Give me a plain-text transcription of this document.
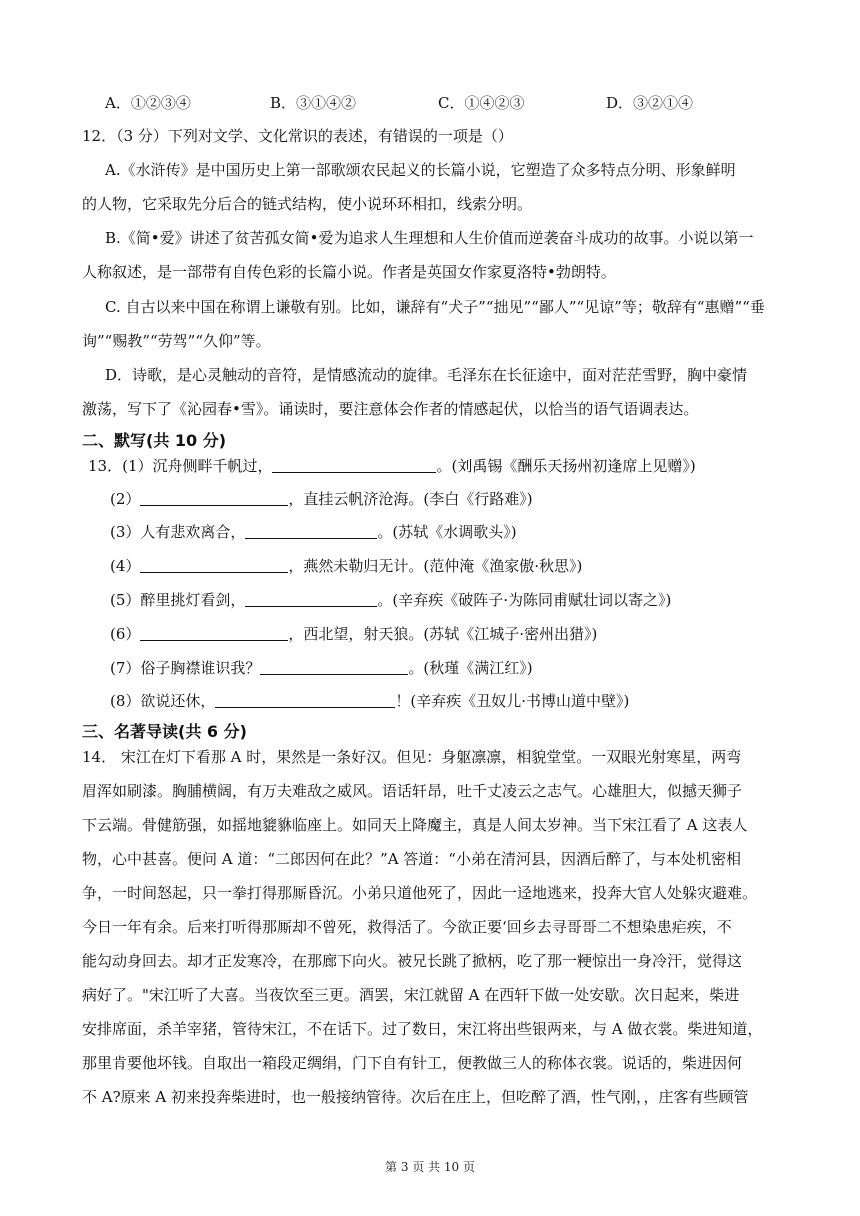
A．①②③④	B．③①④②	C．①④②③	D．③②①④
12．（3 分）下列对文学、文化常识的表述，有错误的一项是（）
A.《水浒传》是中国历史上第一部歌颂农民起义的长篇小说，它塑造了众多特点分明、形象鲜明
的人物，它采取先分后合的链式结构，使小说环环相扣，线索分明。
B.《简•爱》讲述了贫苦孤女简•爱为追求人生理想和人生价值而逆袭奋斗成功的故事。小说以第一
人称叙述，是一部带有自传色彩的长篇小说。作者是英国女作家夏洛特•勃朗特。
C. 自古以来中国在称谓上谦敬有别。比如，谦辞有“犬子”“拙见”“鄙人”“见谅”等；敬辞有“惠赠”“垂
询”“赐教”“劳驾”“久仰”等。
D．诗歌，是心灵触动的音符，是情感流动的旋律。毛泽东在长征途中，面对茫茫雪野，胸中豪情
激荡，写下了《沁园春•雪》。诵读时，要注意体会作者的情感起伏，以恰当的语气语调表达。
二、默写(共 10 分)
13．(1）沉舟侧畔千帆过，	。(刘禹锡《酬乐天扬州初逢席上见赠》)
(2）	，直挂云帆济沧海。(李白《行路难》)
(3）人有悲欢离合，	。(苏轼《水调歌头》)
(4）	，燕然未勒归无计。(范仲淹《渔家傲·秋思》)
(5）醉里挑灯看剑，	。(辛弃疾《破阵子·为陈同甫赋壮词以寄之》)
(6）	，西北望，射天狼。(苏轼《江城子·密州出猎》)
(7）俗子胸襟谁识我？	。(秋瑾《满江红》)
(8）欲说还休，	！(辛弃疾《丑奴儿·书博山道中壁》)
三、名著导读(共 6 分)
14． 宋江在灯下看那 A 时，果然是一条好汉。但见：身躯凛凛，相貌堂堂。一双眼光射寒星，两弯
眉浑如刷漆。胸脯横阔，有万夫难敌之威风。语话轩昂，吐千丈凌云之志气。心雄胆大，似撼天狮子
下云端。骨健筋强，如摇地貔貅临座上。如同天上降魔主，真是人间太岁神。当下宋江看了 A 这表人
物，心中甚喜。便问 A 道：“二郎因何在此？”A 答道：“小弟在清河县，因酒后醉了，与本处机密相
争，一时间怒起，只一拳打得那厮昏沉。小弟只道他死了，因此一迳地逃来，投奔大官人处躲灾避难。
今日一年有余。后来打听得那厮却不曾死，救得活了。今欲正要‘回乡去寻哥哥二不想染患疟疾，不
能勾动身回去。却才正发寒冷，在那廊下向火。被兄长跳了掀柄，吃了那一粳惊出一身冷汗，觉得这
病好了。"宋江听了大喜。当夜饮至三更。酒罢，宋江就留 A 在西轩下做一处安歇。次日起来，柴进
安排席面，杀羊宰猪，管待宋江，不在话下。过了数日，宋江将出些银两来，与 A 做衣裳。柴进知道，
那里肯要他坏钱。自取出一箱段疋绸绢，门下自有针工，便教做三人的称体衣裳。说话的，柴进因何
不 A?原来 A 初来投奔柴进时，也一般接纳管待。次后在庄上，但吃醉了酒，性气刚，，庄客有些顾管
第 3 页 共 10 页
